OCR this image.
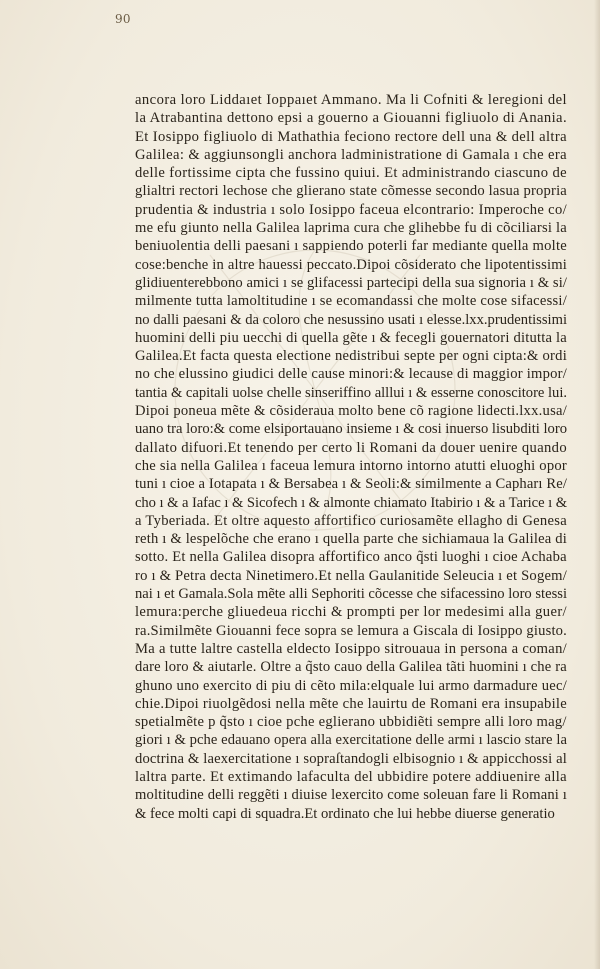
90
ancora loro Liddaıet Ioppaıet Ammano. Ma li Cofniti & leregioni del
la Atrabantina dettono epsi a gouerno a Giouanni figliuolo di Anania.
Et Iosippo figliuolo di Mathathia feciono rectore dell una & dell altra
Galilea: & aggiunsongli anchora ladministratione di Gamala ı che era
delle fortissime cipta che fussino quiui. Et administrando ciascuno de
glialtri rectori lechose che glierano state cõmesse secondo lasua propria
prudentia & industria ı solo Iosippo faceua elcontrario: Imperoche co/
me efu giunto nella Galilea laprima cura che glihebbe fu di cõciliarsi la
beniuolentia delli paesani ı sappiendo poterli far mediante quella molte
cose:benche in altre hauessi peccato.Dipoi cõsiderato che lipotentissimi
glidiuenterebbono amici ı se glifacessi partecipi della sua signoria ı & si/
milmente tutta lamoltitudine ı se ecomandassi che molte cose sifacessi/
no dalli paesani & da coloro che nesussino usati ı elesse.lxx.prudentissimi
huomini delli piu uecchi di quella gẽte ı & fecegli gouernatori ditutta la
Galilea.Et facta questa electione nedistribui septe per ogni cipta:& ordi
no che elussino giudici delle cause minori:& lecause di maggior impor/
tantia & capitali uolse chelle sinseriffino alllui ı & esserne conoscitore lui.
Dipoi poneua mẽte & cõsideraua molto bene cõ ragione lidecti.lxx.usa/
uano tra loro:& come elsiportauano insieme ı & cosi inuerso lisubditi loro
dallato difuori.Et tenendo per certo li Romani da douer uenire quando
che sia nella Galilea ı faceua lemura intorno intorno atutti eluoghi opor
tuni ı cioe a Iotapata ı & Bersabea ı & Seoli:& similmente a Capharı Re/
cho ı & a Iafac ı & Sicofech ı & almonte chiamato Itabirio ı & a Tarice ı &
a Tyberiada. Et oltre aquesto affortifico curiosamẽte ellagho di Genesa
reth ı & lespelõche che erano ı quella parte che sichiamaua la Galilea di
sotto. Et nella Galilea disopra affortifico anco q̃sti luoghi ı cioe Achaba
ro ı & Petra decta Ninetimero.Et nella Gaulanitide Seleucia ı et Sogem/
nai ı et Gamala.Sola mẽte alli Sephoriti cõcesse che sifacessino loro stessi
lemura:perche gliuedeua ricchi & prompti per lor medesimi alla guer/
ra.Similmẽte Giouanni fece sopra se lemura a Giscala di Iosippo giusto.
Ma a tutte laltre castella eldecto Iosippo sitrouaua in persona a coman/
dare loro & aiutarle. Oltre a q̃sto cauo della Galilea tãti huomini ı che ra
ghuno uno exercito di piu di cẽto mila:elquale lui armo darmadure uec/
chie.Dipoi riuolgẽdosi nella mẽte che lauirtu de Romani era insupabile
spetialmẽte p q̃sto ı cioe pche eglierano ubbidiẽti sempre alli loro mag/
giori ı & pche edauano opera alla exercitatione delle armi ı lascio stare la
doctrina & laexercitatione ı sopraſtandogli elbisognio ı & appicchossi al
laltra parte. Et extimando lafaculta del ubbidire potere addiuenire alla
moltitudine delli reggẽti ı diuise lexercito come soleuan fare li Romani ı
& fece molti capi di squadra.Et ordinato che lui hebbe diuerse generatio
